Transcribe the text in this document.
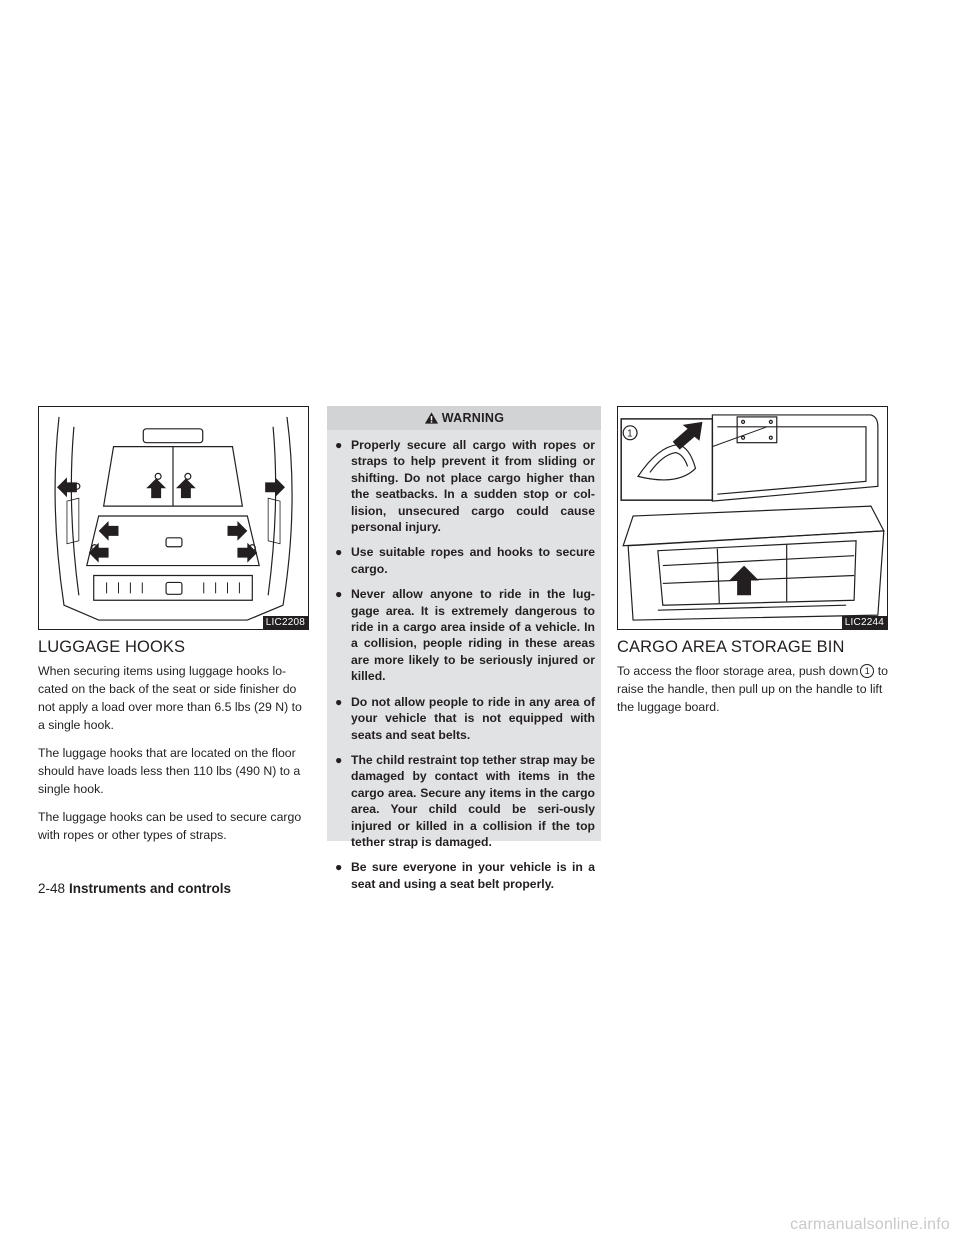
LIC2208
LUGGAGE HOOKS

When securing items using luggage hooks lo-cated on the back of the seat or side finisher do not apply a load over more than 6.5 lbs (29 N) to a single hook.

The luggage hooks that are located on the floor should have loads less then 110 lbs (490 N) to a single hook.

The luggage hooks can be used to secure cargo with ropes or other types of straps.

WARNING
● Properly secure all cargo with ropes or straps to help prevent it from sliding or shifting. Do not place cargo higher than the seatbacks. In a sudden stop or col-lision, unsecured cargo could cause personal injury.
● Use suitable ropes and hooks to secure cargo.
● Never allow anyone to ride in the lug-gage area. It is extremely dangerous to ride in a cargo area inside of a vehicle. In a collision, people riding in these areas are more likely to be seriously injured or killed.
● Do not allow people to ride in any area of your vehicle that is not equipped with seats and seat belts.
● The child restraint top tether strap may be damaged by contact with items in the cargo area. Secure any items in the cargo area. Your child could be seri-ously injured or killed in a collision if the top tether strap is damaged.
● Be sure everyone in your vehicle is in a seat and using a seat belt properly.
1
LIC2244
CARGO AREA STORAGE BIN

To access the floor storage area, push down 1 to raise the handle, then pull up on the handle to lift the luggage board.

2-48 Instruments and controls
carmanualsonline.info
